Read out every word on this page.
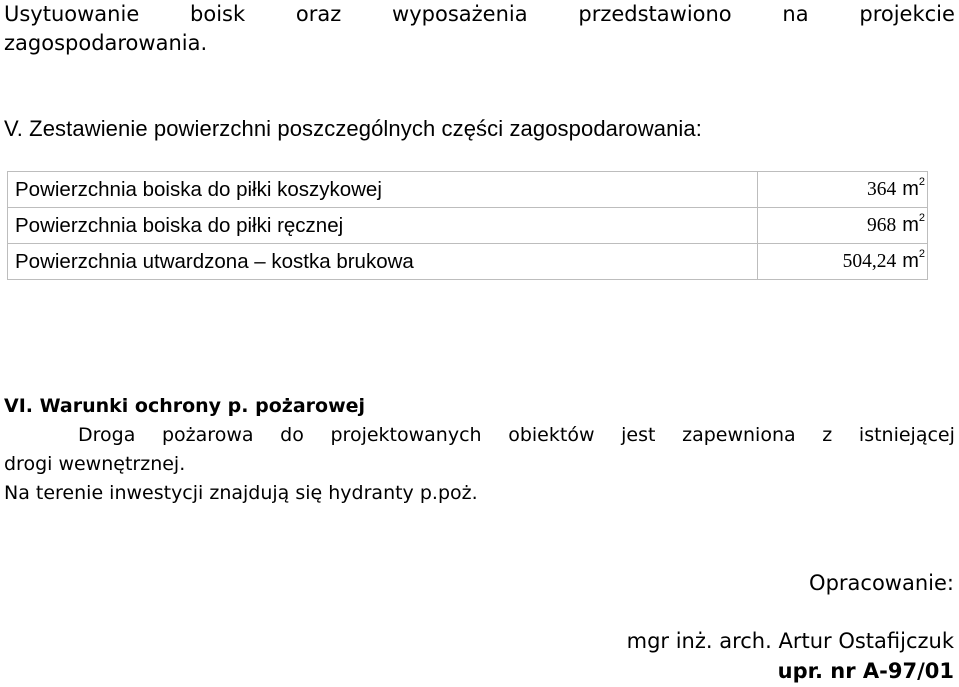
Usytuowanie boisk oraz wyposażenia przedstawiono na projekcie
zagospodarowania.
V. Zestawienie powierzchni poszczególnych części zagospodarowania:
Powierzchnia boiska do piłki koszykowej	364 $m^2$
Powierzchnia boiska do piłki ręcznej	968 $m^2$
Powierzchnia utwardzona – kostka brukowa	504,24 $m^2$
VI. Warunki ochrony p. pożarowej
Droga pożarowa do projektowanych obiektów jest zapewniona z istniejącej
drogi wewnętrznej.
Na terenie inwestycji znajdują się hydranty p.poż.
Opracowanie:
mgr inż. arch. Artur Ostafijczuk
upr. nr A-97/01
